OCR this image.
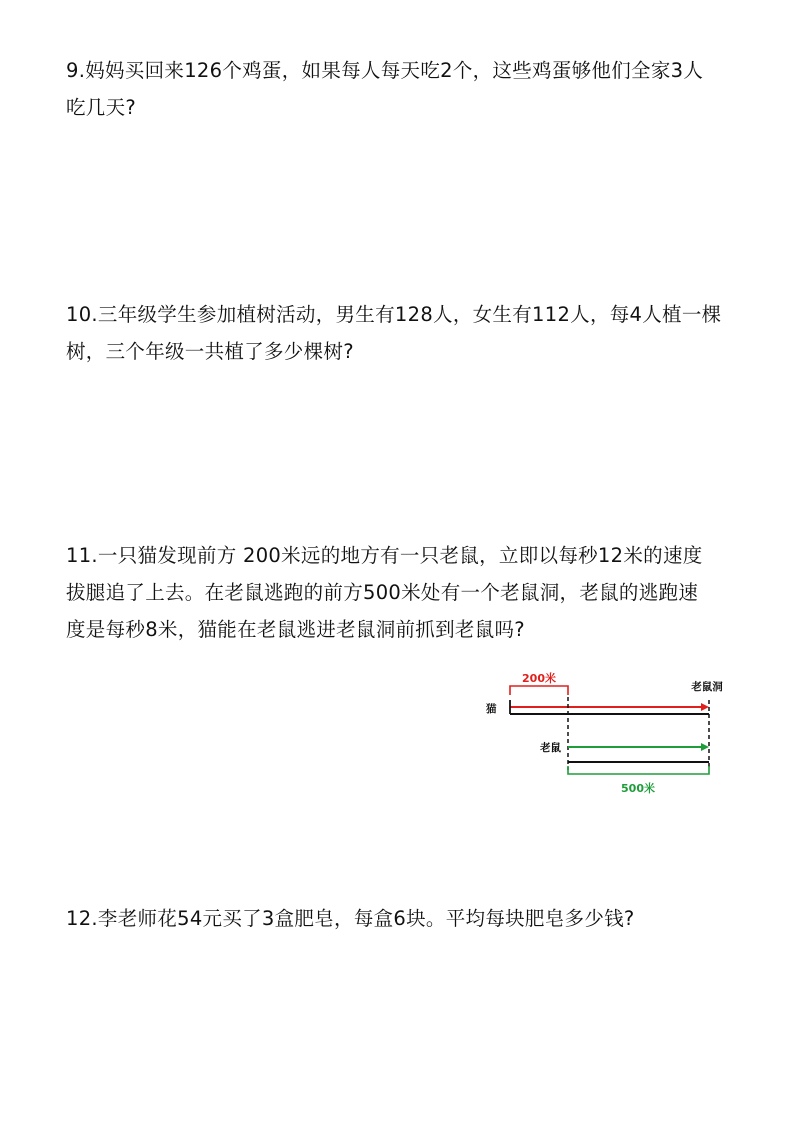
9.妈妈买回来126个鸡蛋，如果每人每天吃2个，这些鸡蛋够他们全家3人
吃几天?
10.三年级学生参加植树活动，男生有128人，女生有112人，每4人植一棵
树，三个年级一共植了多少棵树?
11.一只猫发现前方 200米远的地方有一只老鼠，立即以每秒12米的速度
拔腿追了上去。在老鼠逃跑的前方500米处有一个老鼠洞，老鼠的逃跑速
度是每秒8米，猫能在老鼠逃进老鼠洞前抓到老鼠吗?
200米
老鼠洞
猫
老鼠
500米
12.李老师花54元买了3盒肥皂，每盒6块。平均每块肥皂多少钱?
